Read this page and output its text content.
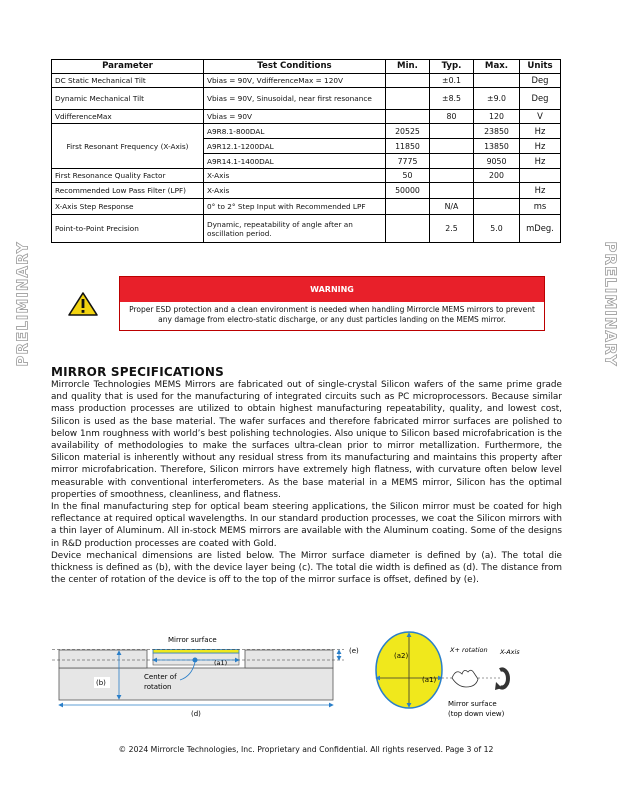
Parameter	Test Conditions	Min.	Typ.	Max.	Units
DC Static Mechanical Tilt	Vbias = 90V, VdifferenceMax = 120V		±0.1		Deg
Dynamic Mechanical Tilt	Vbias = 90V, Sinusoidal, near first resonance		±8.5	±9.0	Deg
VdifferenceMax	Vbias = 90V		80	120	V
First Resonant Frequency (X-Axis)	A9R8.1-800DAL	20525		23850	Hz
	A9R12.1-1200DAL	11850		13850	Hz
	A9R14.1-1400DAL	7775		9050	Hz
First Resonance Quality Factor	X-Axis	50		200	
Recommended Low Pass Filter (LPF)	X-Axis	50000			Hz
X-Axis Step Response	0° to 2° Step Input with Recommended LPF		N/A		ms
Point-to-Point Precision	Dynamic, repeatability of angle after an oscillation period.		2.5	5.0	mDeg.
PRELIMINARY	PRELIMINARY
WARNING
Proper ESD protection and a clean environment is needed when handling Mirrorcle MEMS mirrors to prevent any damage from electro-static discharge, or any dust particles landing on the MEMS mirror.
MIRROR SPECIFICATIONS

Mirrorcle Technologies MEMS Mirrors are fabricated out of single-crystal Silicon wafers of the same prime grade and quality that is used for the manufacturing of integrated circuits such as PC microprocessors. Because similar mass production processes are utilized to obtain highest manufacturing repeatability, quality, and lowest cost, Silicon is used as the base material. The wafer surfaces and therefore fabricated mirror surfaces are polished to below 1nm roughness with world’s best polishing technologies. Also unique to Silicon based microfabrication is the availability of methodologies to make the surfaces ultra-clean prior to mirror metallization. Furthermore, the Silicon material is inherently without any residual stress from its manufacturing and maintains this property after mirror microfabrication. Therefore, Silicon mirrors have extremely high flatness, with curvature often below level measurable with conventional interferometers. As the base material in a MEMS mirror, Silicon has the optimal properties of smoothness, cleanliness, and flatness.

In the final manufacturing step for optical beam steering applications, the Silicon mirror must be coated for high reflectance at required optical wavelengths. In our standard production processes, we coat the Silicon mirrors with a thin layer of Aluminum. All in-stock MEMS mirrors are available with the Aluminum coating. Some of the designs in R&D production processes are coated with Gold.

Device mechanical dimensions are listed below. The Mirror surface diameter is defined by (a). The total die thickness is defined as (b), with the device layer being (c). The total die width is defined as (d). The distance from the center of rotation of the device is off to the top of the mirror surface is offset, defined by (e).

Mirror surface
(a1)
Center of
rotation
(b)
(e)
(d)
(a2)
(a1)
X+ rotation X-Axis
Mirror surface
(top down view)
© 2024 Mirrorcle Technologies, Inc. Proprietary and Confidential. All rights reserved. Page 3 of 12
